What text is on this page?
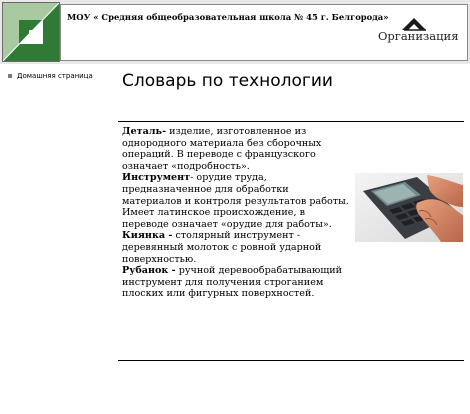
МОУ « Средняя общеобразовательная школа № 45 г. Белгорода»
Организация
Домашняя страница Словарь по технологии

Деталь- изделие, изготовленное из однородного материала без сборочных операций. В переводе с французского означает «подробность».

Инструмент- орудие труда, предназначенное для обработки материалов и контроля результатов работы. Имеет латинское происхождение, в переводе означает «орудие для работы».

Киянка - столярный инструмент - деревянный молоток с ровной ударной поверхностью.

Рубанок - ручной деревообрабатывающий инструмент для получения строганием плоских или фигурных поверхностей.
